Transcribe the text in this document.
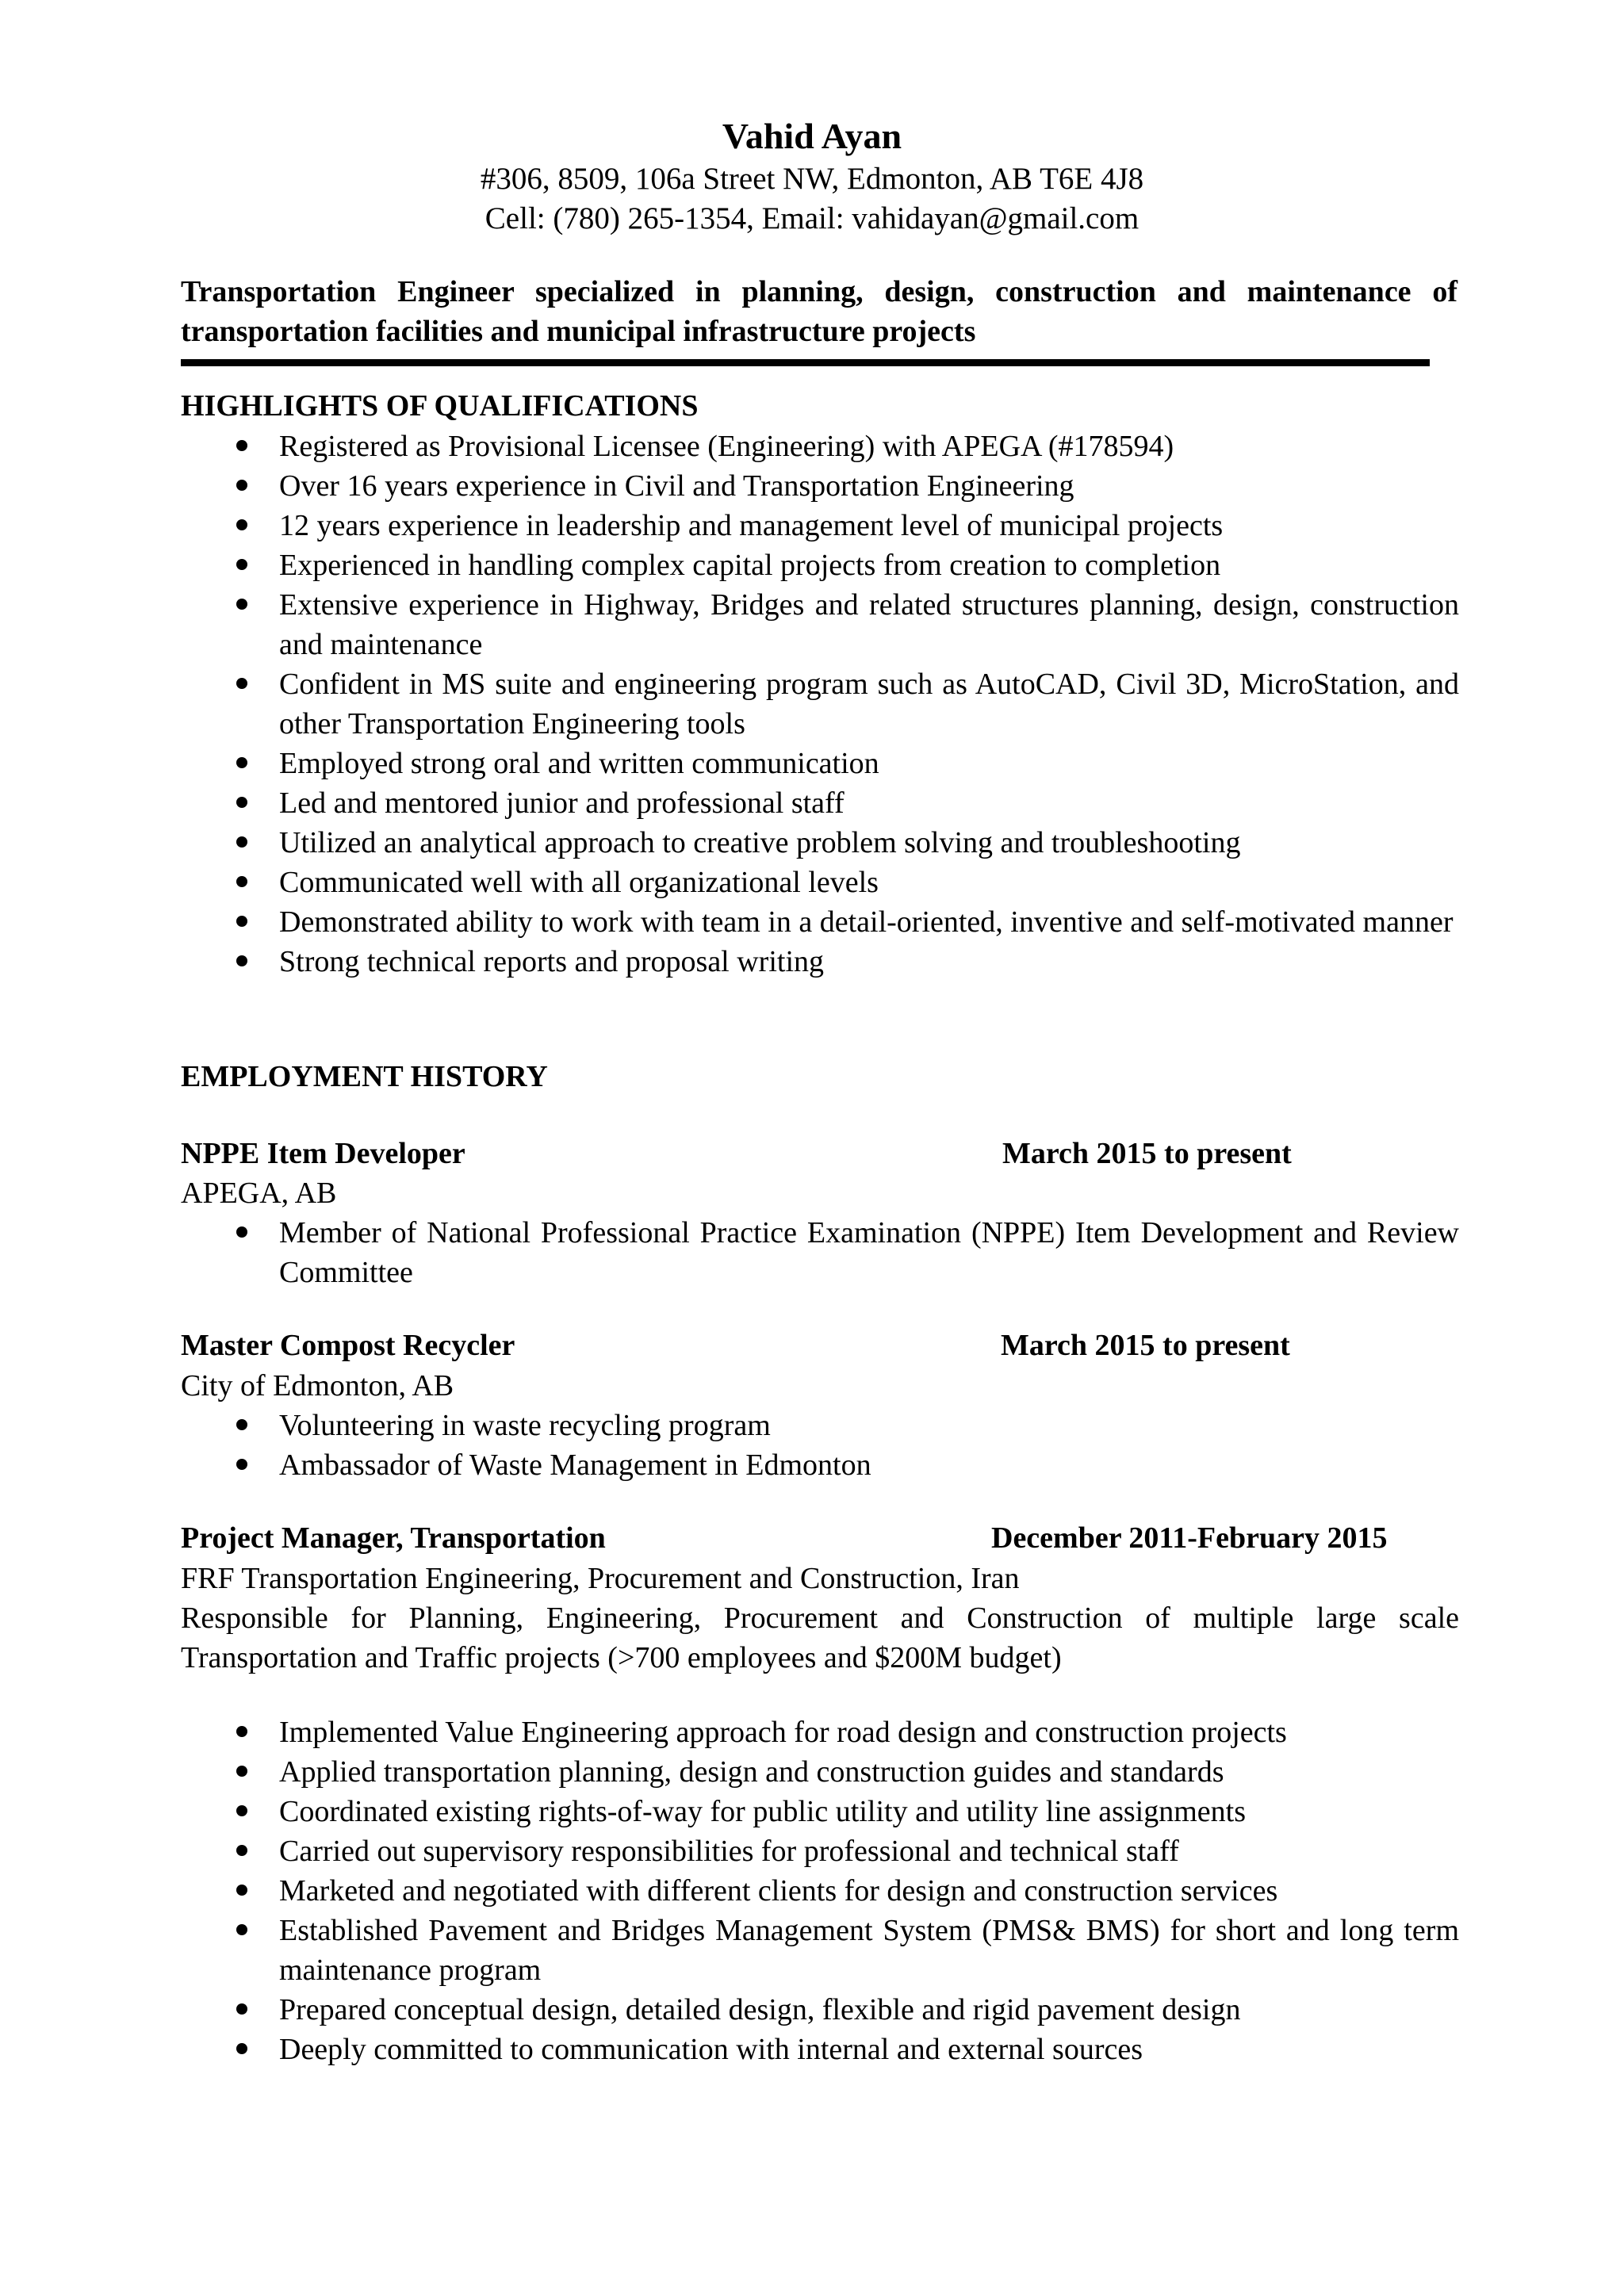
Vahid Ayan
#306, 8509, 106a Street NW, Edmonton, AB T6E 4J8
Cell: (780) 265-1354, Email: vahidayan@gmail.com
Transportation Engineer specialized in planning, design, construction and maintenance of transportation facilities and municipal infrastructure projects
HIGHLIGHTS OF QUALIFICATIONS
Registered as Provisional Licensee (Engineering) with APEGA (#178594)
Over 16 years experience in Civil and Transportation Engineering
12 years experience in leadership and management level of municipal projects
Experienced in handling complex capital projects from creation to completion
Extensive experience in Highway, Bridges and related structures planning, design, construction and maintenance
Confident in MS suite and engineering program such as AutoCAD, Civil 3D, MicroStation, and other Transportation Engineering tools
Employed strong oral and written communication
Led and mentored junior and professional staff
Utilized an analytical approach to creative problem solving and troubleshooting
Communicated well with all organizational levels
Demonstrated ability to work with team in a detail-oriented, inventive and self-motivated manner
Strong technical reports and proposal writing
EMPLOYMENT HISTORY
NPPE Item Developer	March 2015 to present
APEGA, AB
Member of National Professional Practice Examination (NPPE) Item Development and Review Committee
Master Compost Recycler	March 2015 to present
City of Edmonton, AB
Volunteering in waste recycling program
Ambassador of Waste Management in Edmonton
Project Manager, Transportation	December 2011-February 2015
FRF Transportation Engineering, Procurement and Construction, Iran
Responsible for Planning, Engineering, Procurement and Construction of multiple large scale Transportation and Traffic projects (>700 employees and $200M budget)
Implemented Value Engineering approach for road design and construction projects
Applied transportation planning, design and construction guides and standards
Coordinated existing rights-of-way for public utility and utility line assignments
Carried out supervisory responsibilities for professional and technical staff
Marketed and negotiated with different clients for design and construction services
Established Pavement and Bridges Management System (PMS& BMS) for short and long term maintenance program
Prepared conceptual design, detailed design, flexible and rigid pavement design
Deeply committed to communication with internal and external sources
